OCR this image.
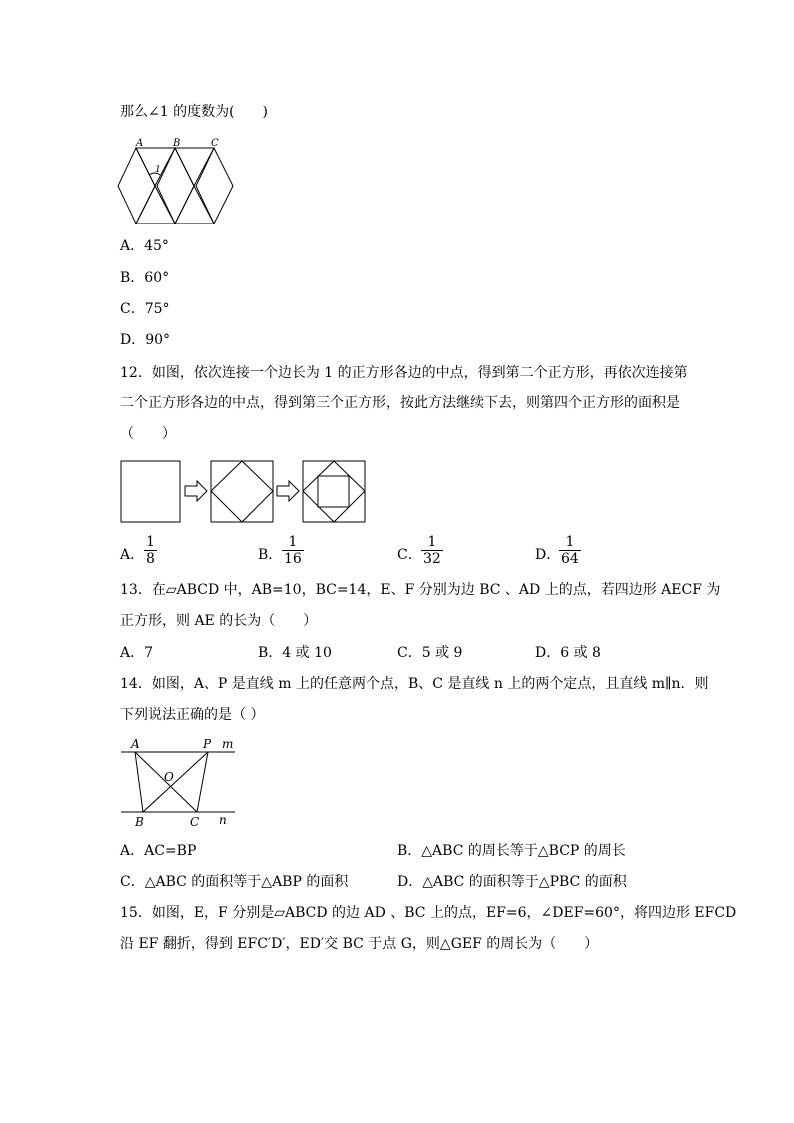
那么∠1 的度数为(　　)
A	B	C
1
A．45°
B．60°
C．75°
D．90°
12．如图，依次连接一个边长为 1 的正方形各边的中点，得到第二个正方形，再依次连接第
二个正方形各边的中点，得到第三个正方形，按此方法继续下去，则第四个正方形的面积是
（　　）
A． $\frac{1}{8}$	B． $\frac{1}{16}$	C． $\frac{1}{32}$	D．
$\frac{1}{64}$
13．在▱ABCD 中，AB=10，BC=14，E、F 分别为边 BC 、AD 上的点，若四边形 AECF 为
正方形，则 AE 的长为（　　）
A．7	B．4 或 10	C．5 或 9	D．6 或 8
14．如图，A、P 是直线 m 上的任意两个点，B、C 是直线 n 上的两个定点，且直线 m∥n．则
下列说法正确的是（ ）
A	P m
O
B	C n
A．AC=BP	B．△ABC 的周长等于△BCP 的周长
C．△ABC 的面积等于△ABP 的面积	D．△ABC 的面积等于△PBC 的面积
15．如图，E，F 分别是▱ABCD 的边 AD 、BC 上的点，EF=6，∠DEF=60°，将四边形 EFCD
沿 EF 翻折，得到 EFC′D′，ED′交 BC 于点 G，则△GEF 的周长为（　　）
